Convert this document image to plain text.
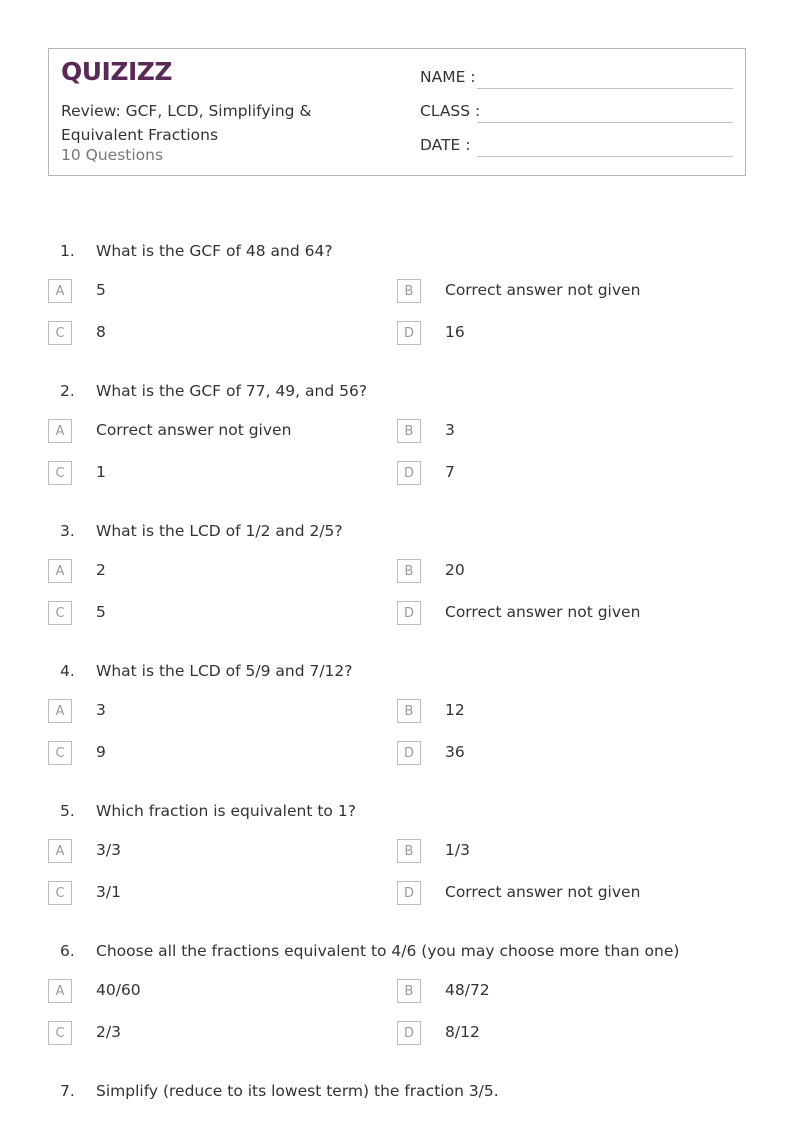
QUIZIZZ
Review: GCF, LCD, Simplifying & Equivalent Fractions
10 Questions
NAME :
CLASS :
DATE :
1. What is the GCF of 48 and 64?
A	5	B	Correct answer not given
C	8	D	16
2. What is the GCF of 77, 49, and 56?
A	Correct answer not given	B	3
C	1	D	7
3. What is the LCD of 1/2 and 2/5?
A	2	B	20
C	5	D	Correct answer not given
4. What is the LCD of 5/9 and 7/12?
A	3	B	12
C	9	D	36
5. Which fraction is equivalent to 1?
A	3/3	B	1/3
C	3/1	D	Correct answer not given
6. Choose all the fractions equivalent to 4/6 (you may choose more than one)
A	40/60	B	48/72
C	2/3	D	8/12
7. Simplify (reduce to its lowest term) the fraction 3/5.
